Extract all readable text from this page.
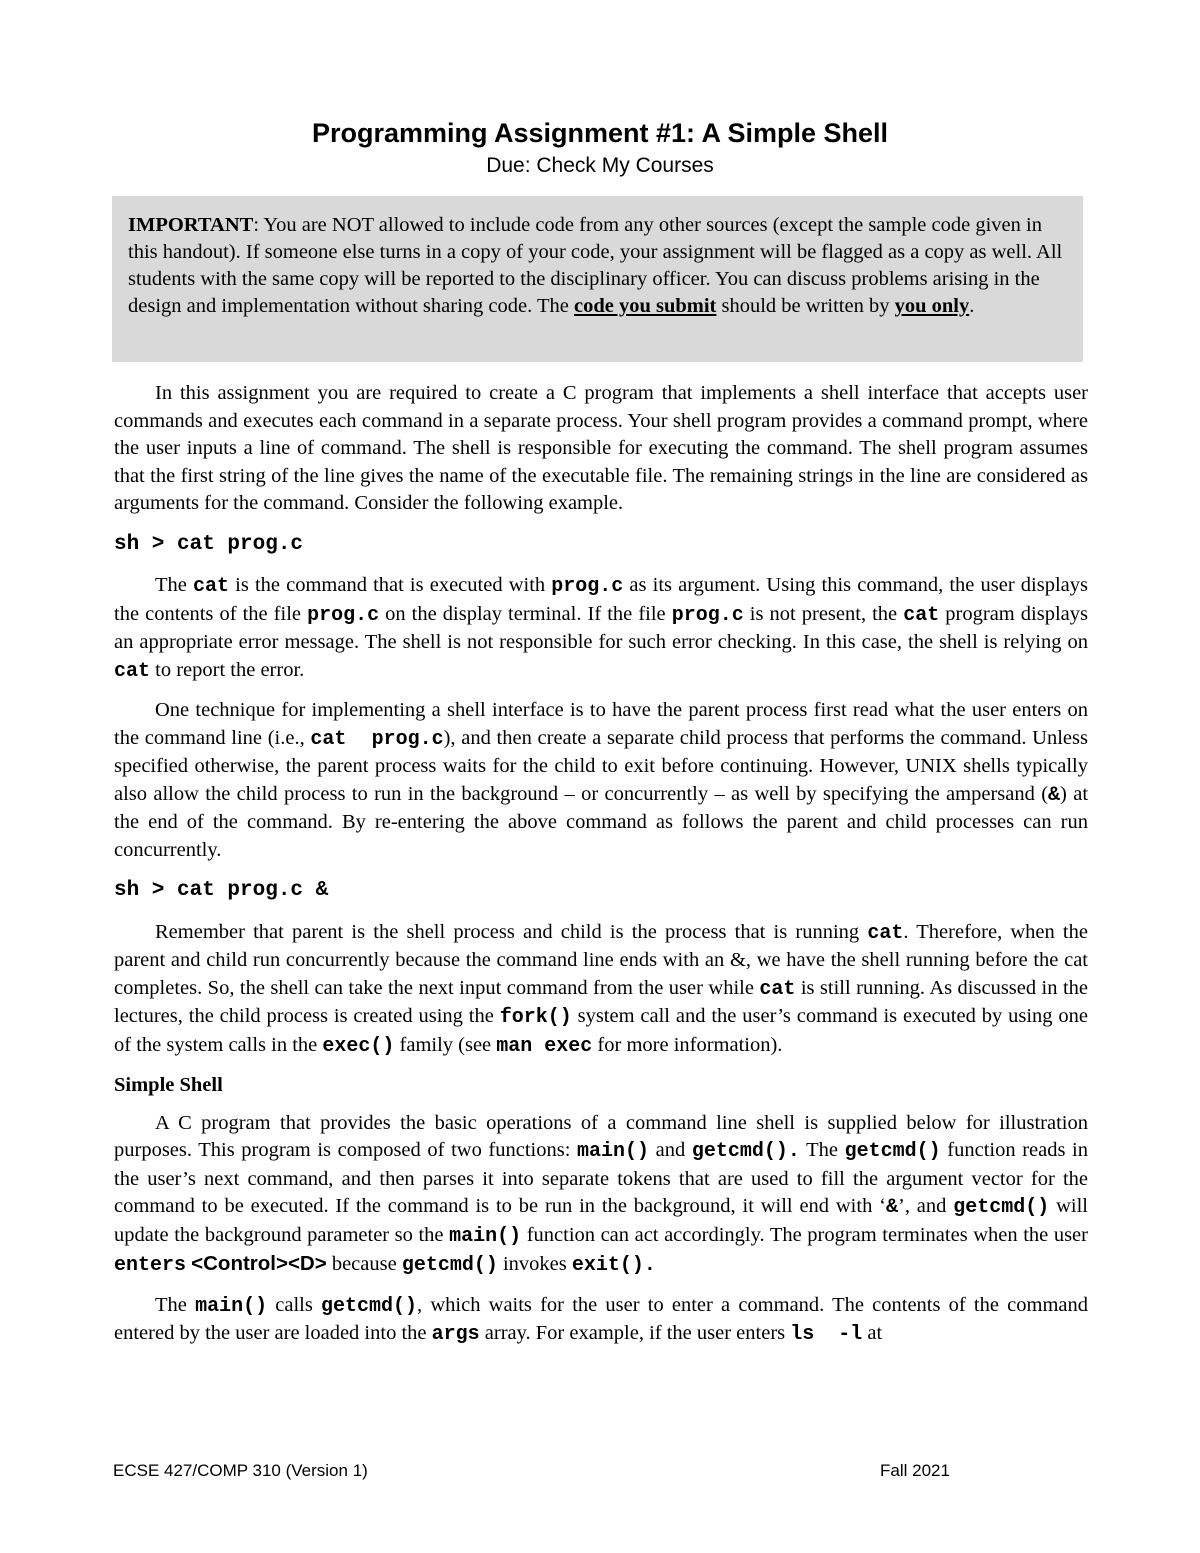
Programming Assignment #1: A Simple Shell
Due: Check My Courses
IMPORTANT: You are NOT allowed to include code from any other sources (except the sample code given in this handout). If someone else turns in a copy of your code, your assignment will be flagged as a copy as well. All students with the same copy will be reported to the disciplinary officer. You can discuss problems arising in the design and implementation without sharing code. The code you submit should be written by you only.

In this assignment you are required to create a C program that implements a shell interface that accepts user commands and executes each command in a separate process. Your shell program provides a command prompt, where the user inputs a line of command. The shell is responsible for executing the command. The shell program assumes that the first string of the line gives the name of the executable file. The remaining strings in the line are considered as arguments for the command. Consider the following example.

sh > cat prog.c

The cat is the command that is executed with prog.c as its argument. Using this command, the user displays the contents of the file prog.c on the display terminal. If the file prog.c is not present, the cat program displays an appropriate error message. The shell is not responsible for such error checking. In this case, the shell is relying on cat to report the error.

One technique for implementing a shell interface is to have the parent process first read what the user enters on the command line (i.e., cat  prog.c), and then create a separate child process that performs the command. Unless specified otherwise, the parent process waits for the child to exit before continuing. However, UNIX shells typically also allow the child process to run in the background – or concurrently – as well by specifying the ampersand (&) at the end of the command. By re-entering the above command as follows the parent and child processes can run concurrently.

sh > cat prog.c &

Remember that parent is the shell process and child is the process that is running cat. Therefore, when the parent and child run concurrently because the command line ends with an &, we have the shell running before the cat completes. So, the shell can take the next input command from the user while cat is still running. As discussed in the lectures, the child process is created using the fork() system call and the user’s command is executed by using one of the system calls in the exec() family (see man exec for more information).

Simple Shell

A C program that provides the basic operations of a command line shell is supplied below for illustration purposes. This program is composed of two functions: main() and getcmd(). The getcmd() function reads in the user’s next command, and then parses it into separate tokens that are used to fill the argument vector for the command to be executed. If the command is to be run in the background, it will end with ‘&’, and getcmd() will update the background parameter so the main() function can act accordingly. The program terminates when the user enters <Control><D> because getcmd() invokes exit().

The main() calls getcmd(), which waits for the user to enter a command. The contents of the command entered by the user are loaded into the args array. For example, if the user enters ls  -l at

ECSE 427/COMP 310 (Version 1)	Fall 2021
